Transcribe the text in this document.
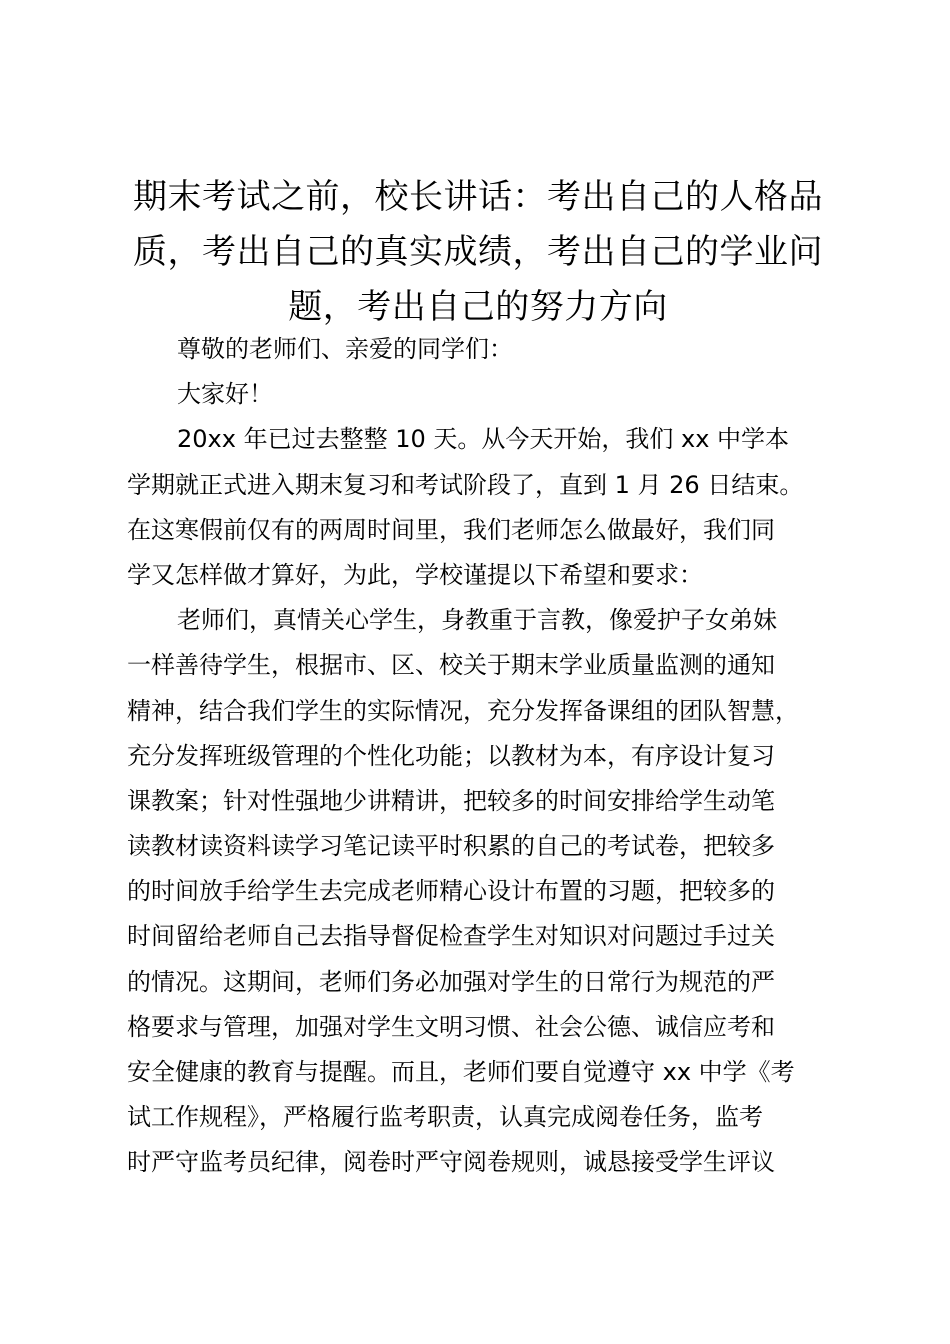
期末考试之前，校长讲话：考出自己的人格品
质，考出自己的真实成绩，考出自己的学业问
题，考出自己的努力方向
尊敬的老师们、亲爱的同学们：
大家好！
20xx 年已过去整整 10 天。从今天开始，我们 xx 中学本
学期就正式进入期末复习和考试阶段了，直到 1 月 26 日结束。
在这寒假前仅有的两周时间里，我们老师怎么做最好，我们同
学又怎样做才算好，为此，学校谨提以下希望和要求：
老师们，真情关心学生，身教重于言教，像爱护子女弟妹
一样善待学生，根据市、区、校关于期末学业质量监测的通知
精神，结合我们学生的实际情况，充分发挥备课组的团队智慧，
充分发挥班级管理的个性化功能；以教材为本，有序设计复习
课教案；针对性强地少讲精讲，把较多的时间安排给学生动笔
读教材读资料读学习笔记读平时积累的自己的考试卷，把较多
的时间放手给学生去完成老师精心设计布置的习题，把较多的
时间留给老师自己去指导督促检查学生对知识对问题过手过关
的情况。这期间，老师们务必加强对学生的日常行为规范的严
格要求与管理，加强对学生文明习惯、社会公德、诚信应考和
安全健康的教育与提醒。而且，老师们要自觉遵守 xx 中学《考
试工作规程》，严格履行监考职责，认真完成阅卷任务，监考
时严守监考员纪律，阅卷时严守阅卷规则，诚恳接受学生评议
